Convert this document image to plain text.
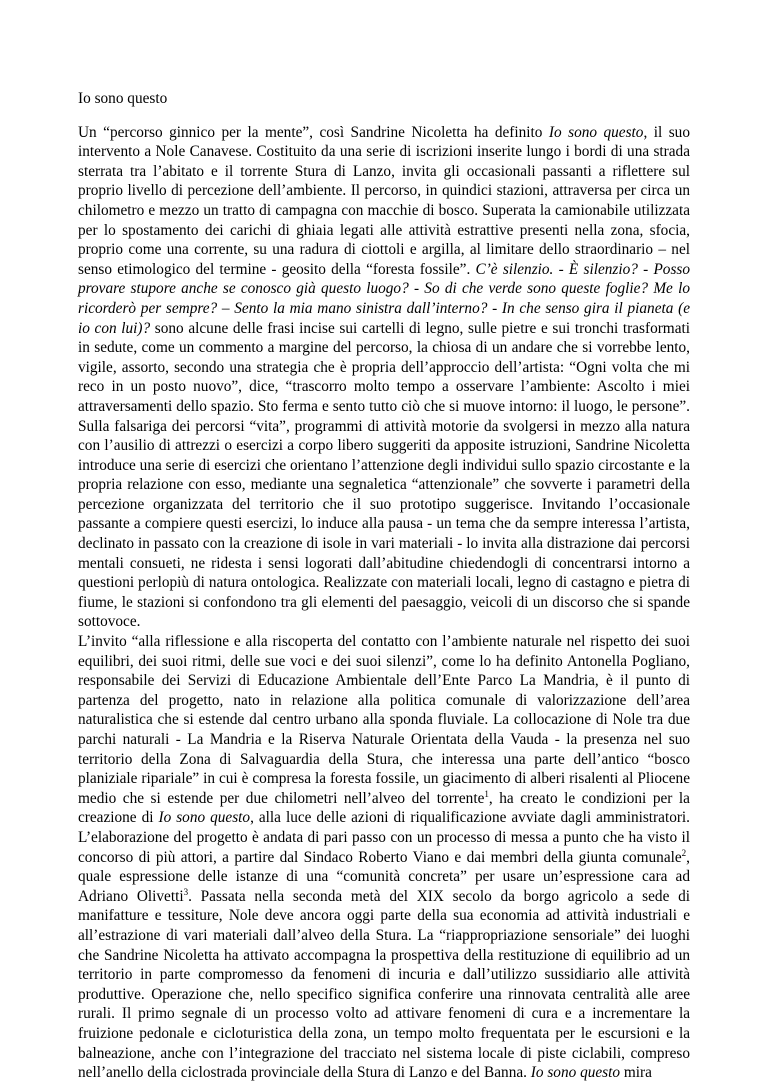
Io sono questo

Un “percorso ginnico per la mente”, così Sandrine Nicoletta ha definito Io sono questo, il suo intervento a Nole Canavese. Costituito da una serie di iscrizioni inserite lungo i bordi di una strada sterrata tra l’abitato e il torrente Stura di Lanzo, invita gli occasionali passanti a riflettere sul proprio livello di percezione dell’ambiente. Il percorso, in quindici stazioni, attraversa per circa un chilometro e mezzo un tratto di campagna con macchie di bosco. Superata la camionabile utilizzata per lo spostamento dei carichi di ghiaia legati alle attività estrattive presenti nella zona, sfocia, proprio come una corrente, su una radura di ciottoli e argilla, al limitare dello straordinario – nel senso etimologico del termine - geosito della “foresta fossile”. C’è silenzio. - È silenzio? - Posso provare stupore anche se conosco già questo luogo? - So di che verde sono queste foglie? Me lo ricorderò per sempre? – Sento la mia mano sinistra dall’interno? - In che senso gira il pianeta (e io con lui)? sono alcune delle frasi incise sui cartelli di legno, sulle pietre e sui tronchi trasformati in sedute, come un commento a margine del percorso, la chiosa di un andare che si vorrebbe lento, vigile, assorto, secondo una strategia che è propria dell’approccio dell’artista: “Ogni volta che mi reco in un posto nuovo”, dice, “trascorro molto tempo a osservare l’ambiente: Ascolto i miei attraversamenti dello spazio. Sto ferma e sento tutto ciò che si muove intorno: il luogo, le persone”. Sulla falsariga dei percorsi “vita”, programmi di attività motorie da svolgersi in mezzo alla natura con l’ausilio di attrezzi o esercizi a corpo libero suggeriti da apposite istruzioni, Sandrine Nicoletta introduce una serie di esercizi che orientano l’attenzione degli individui sullo spazio circostante e la propria relazione con esso, mediante una segnaletica “attenzionale” che sovverte i parametri della percezione organizzata del territorio che il suo prototipo suggerisce. Invitando l’occasionale passante a compiere questi esercizi, lo induce alla pausa - un tema che da sempre interessa l’artista, declinato in passato con la creazione di isole in vari materiali - lo invita alla distrazione dai percorsi mentali consueti, ne ridesta i sensi logorati dall’abitudine chiedendogli di concentrarsi intorno a questioni perlopiù di natura ontologica. Realizzate con materiali locali, legno di castagno e pietra di fiume, le stazioni si confondono tra gli elementi del paesaggio, veicoli di un discorso che si spande sottovoce.

L’invito “alla riflessione e alla riscoperta del contatto con l’ambiente naturale nel rispetto dei suoi equilibri, dei suoi ritmi, delle sue voci e dei suoi silenzi”, come lo ha definito Antonella Pogliano, responsabile dei Servizi di Educazione Ambientale dell’Ente Parco La Mandria, è il punto di partenza del progetto, nato in relazione alla politica comunale di valorizzazione dell’area naturalistica che si estende dal centro urbano alla sponda fluviale. La collocazione di Nole tra due parchi naturali - La Mandria e la Riserva Naturale Orientata della Vauda - la presenza nel suo territorio della Zona di Salvaguardia della Stura, che interessa una parte dell’antico “bosco planiziale ripariale” in cui è compresa la foresta fossile, un giacimento di alberi risalenti al Pliocene medio che si estende per due chilometri nell’alveo del torrente$^1$, ha creato le condizioni per la creazione di Io sono questo, alla luce delle azioni di riqualificazione avviate dagli amministratori. L’elaborazione del progetto è andata di pari passo con un processo di messa a punto che ha visto il concorso di più attori, a partire dal Sindaco Roberto Viano e dai membri della giunta comunale$^2$, quale espressione delle istanze di una “comunità concreta” per usare un’espressione cara ad Adriano Olivetti$^3$. Passata nella seconda metà del XIX secolo da borgo agricolo a sede di manifatture e tessiture, Nole deve ancora oggi parte della sua economia ad attività industriali e all’estrazione di vari materiali dall’alveo della Stura. La “riappropriazione sensoriale” dei luoghi che Sandrine Nicoletta ha attivato accompagna la prospettiva della restituzione di equilibrio ad un territorio in parte compromesso da fenomeni di incuria e dall’utilizzo sussidiario alle attività produttive. Operazione che, nello specifico significa conferire una rinnovata centralità alle aree rurali. Il primo segnale di un processo volto ad attivare fenomeni di cura e a incrementare la fruizione pedonale e cicloturistica della zona, un tempo molto frequentata per le escursioni e la balneazione, anche con l’integrazione del tracciato nel sistema locale di piste ciclabili, compreso nell’anello della ciclostrada provinciale della Stura di Lanzo e del Banna. Io sono questo mira
